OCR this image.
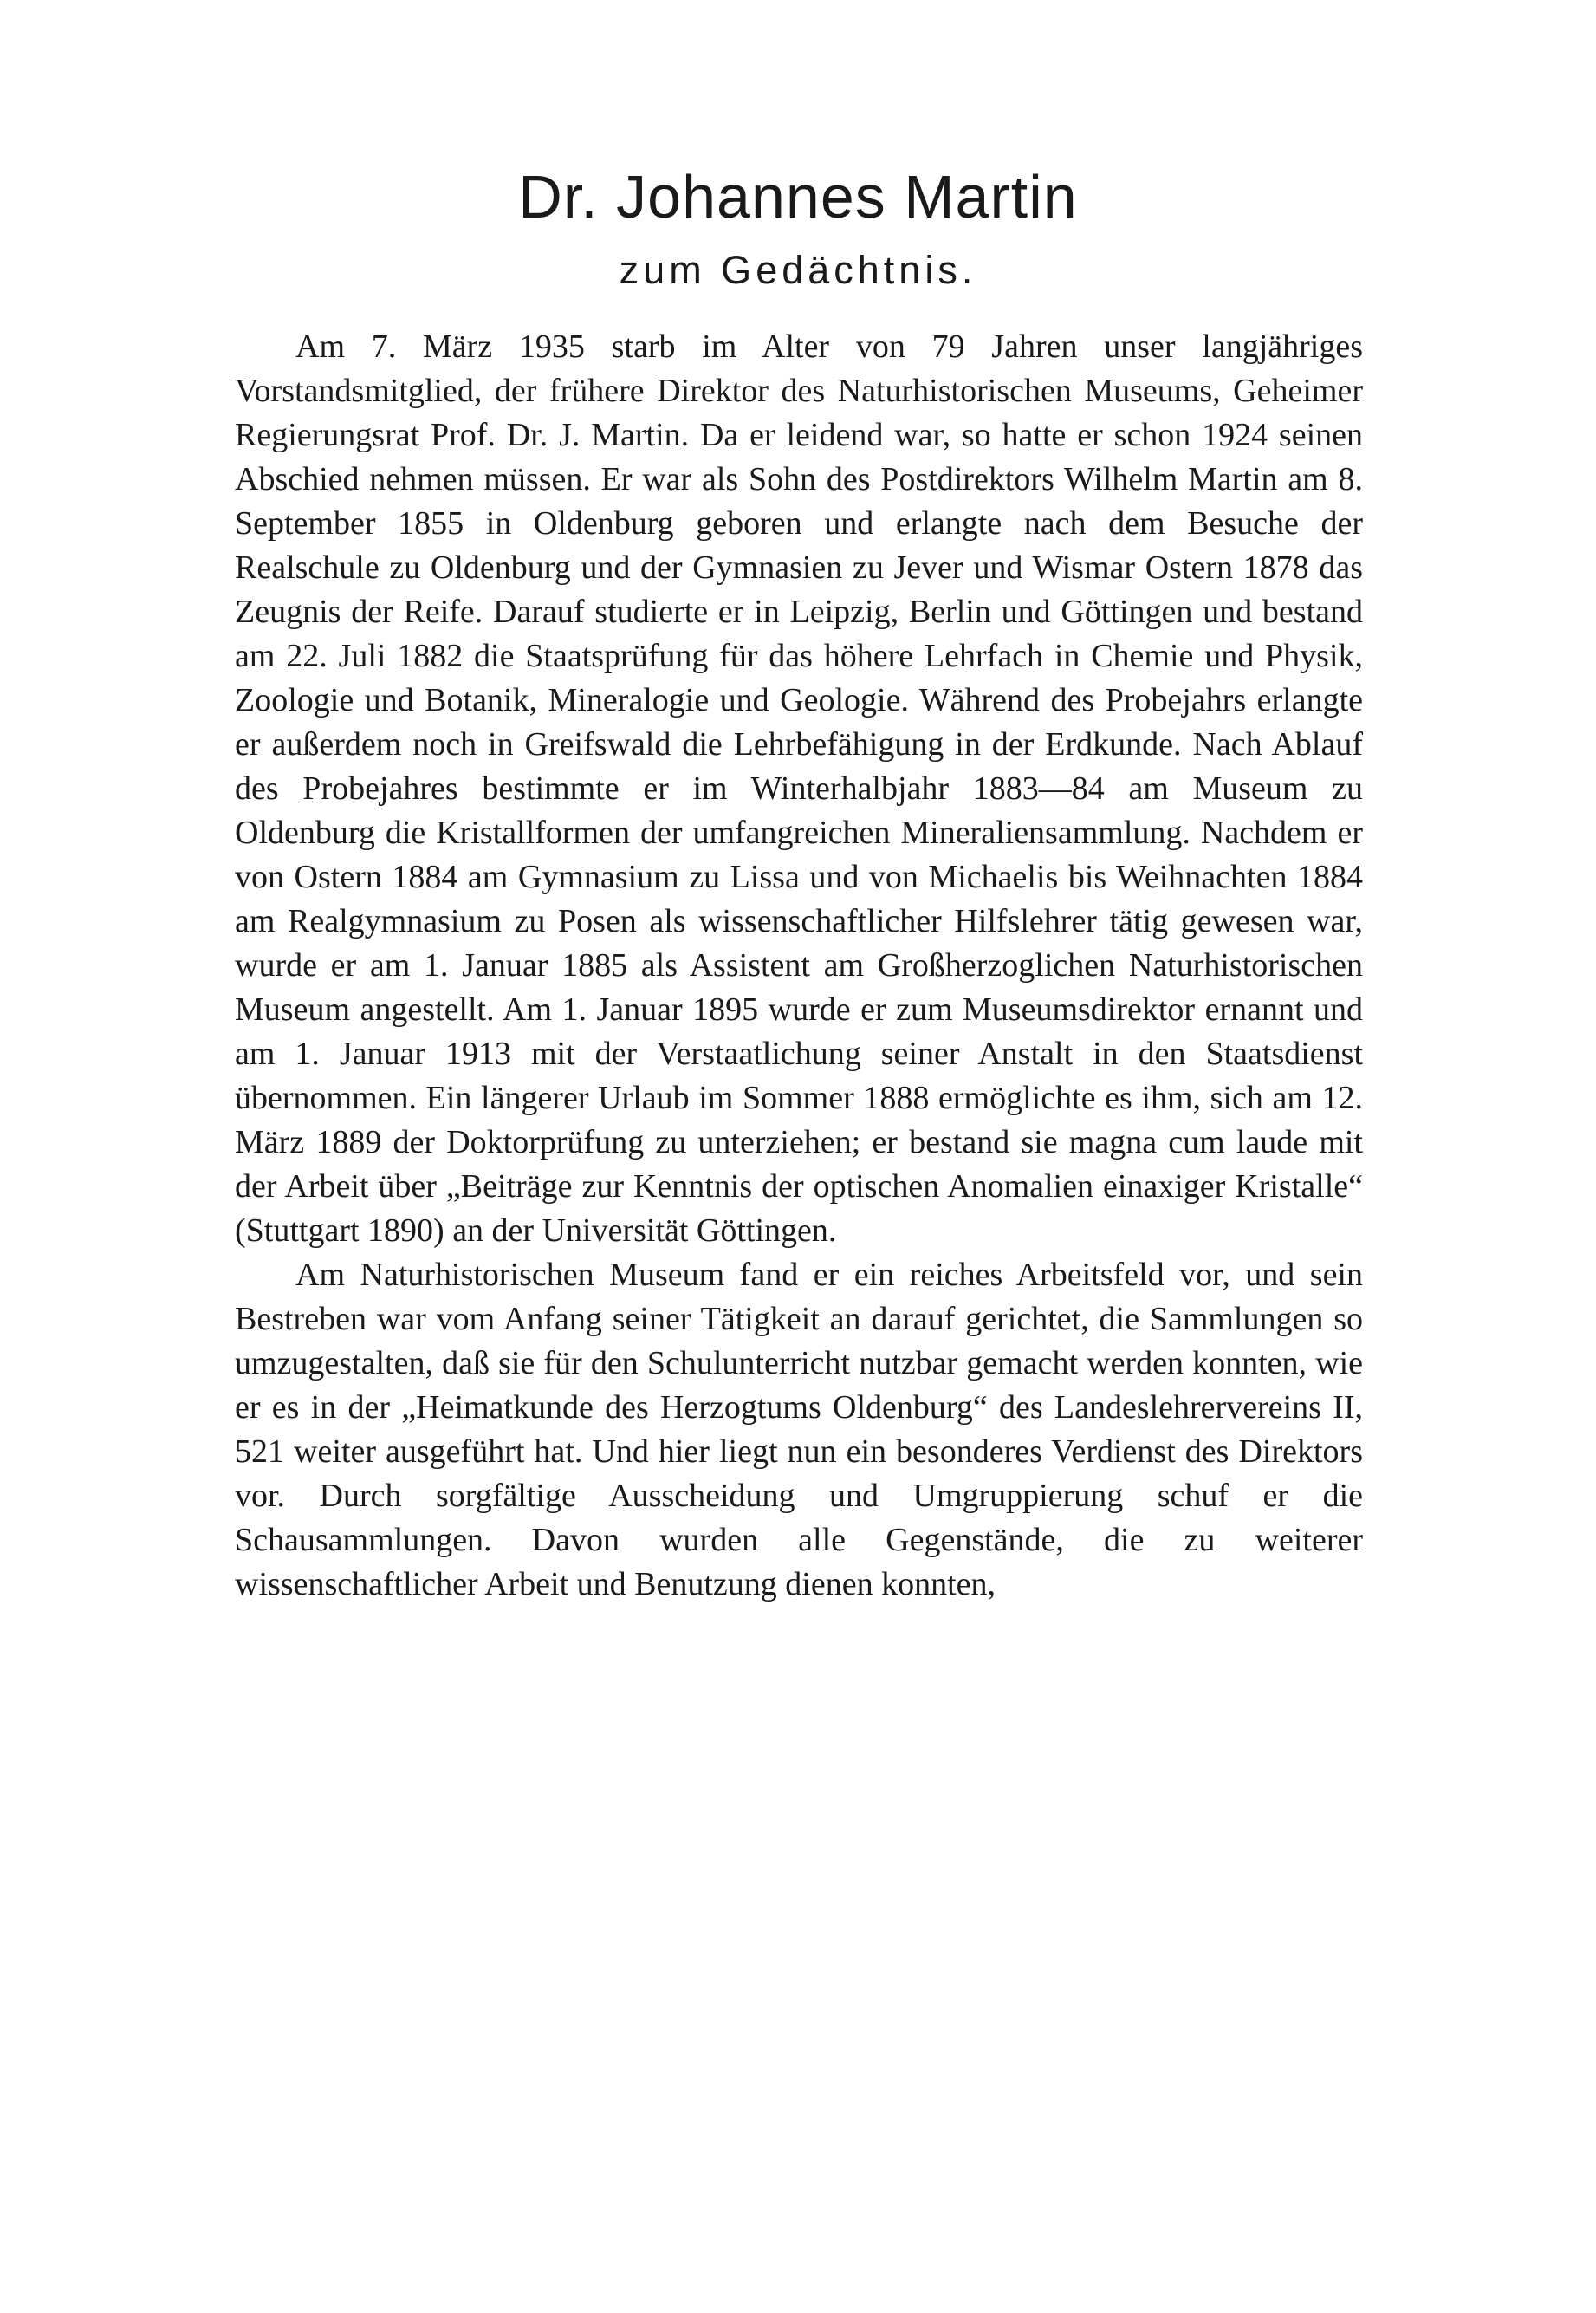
Dr. Johannes Martin
zum Gedächtnis.

Am 7. März 1935 starb im Alter von 79 Jahren unser langjähriges Vorstandsmitglied, der frühere Direktor des Naturhistorischen Museums, Geheimer Regierungsrat Prof. Dr. J. Martin. Da er leidend war, so hatte er schon 1924 seinen Abschied nehmen müssen. Er war als Sohn des Postdirektors Wilhelm Martin am 8. September 1855 in Oldenburg geboren und erlangte nach dem Besuche der Realschule zu Oldenburg und der Gymnasien zu Jever und Wismar Ostern 1878 das Zeugnis der Reife. Darauf studierte er in Leipzig, Berlin und Göttingen und bestand am 22. Juli 1882 die Staatsprüfung für das höhere Lehrfach in Chemie und Physik, Zoologie und Botanik, Mineralogie und Geologie. Während des Probejahrs erlangte er außerdem noch in Greifswald die Lehrbefähigung in der Erdkunde. Nach Ablauf des Probejahres bestimmte er im Winterhalbjahr 1883—84 am Museum zu Oldenburg die Kristallformen der umfangreichen Mineraliensammlung. Nachdem er von Ostern 1884 am Gymnasium zu Lissa und von Michaelis bis Weihnachten 1884 am Realgymnasium zu Posen als wissenschaftlicher Hilfslehrer tätig gewesen war, wurde er am 1. Januar 1885 als Assistent am Großherzoglichen Naturhistorischen Museum angestellt. Am 1. Januar 1895 wurde er zum Museumsdirektor ernannt und am 1. Januar 1913 mit der Verstaatlichung seiner Anstalt in den Staatsdienst übernommen. Ein längerer Urlaub im Sommer 1888 ermöglichte es ihm, sich am 12. März 1889 der Doktorprüfung zu unterziehen; er bestand sie magna cum laude mit der Arbeit über „Beiträge zur Kenntnis der optischen Anomalien einaxiger Kristalle“ (Stuttgart 1890) an der Universität Göttingen.

Am Naturhistorischen Museum fand er ein reiches Arbeitsfeld vor, und sein Bestreben war vom Anfang seiner Tätigkeit an darauf gerichtet, die Sammlungen so umzugestalten, daß sie für den Schulunterricht nutzbar gemacht werden konnten, wie er es in der „Heimatkunde des Herzogtums Oldenburg“ des Landeslehrervereins II, 521 weiter ausgeführt hat. Und hier liegt nun ein besonderes Verdienst des Direktors vor. Durch sorgfältige Ausscheidung und Umgruppierung schuf er die Schausammlungen. Davon wurden alle Gegenstände, die zu weiterer wissenschaftlicher Arbeit und Benutzung dienen konnten,
